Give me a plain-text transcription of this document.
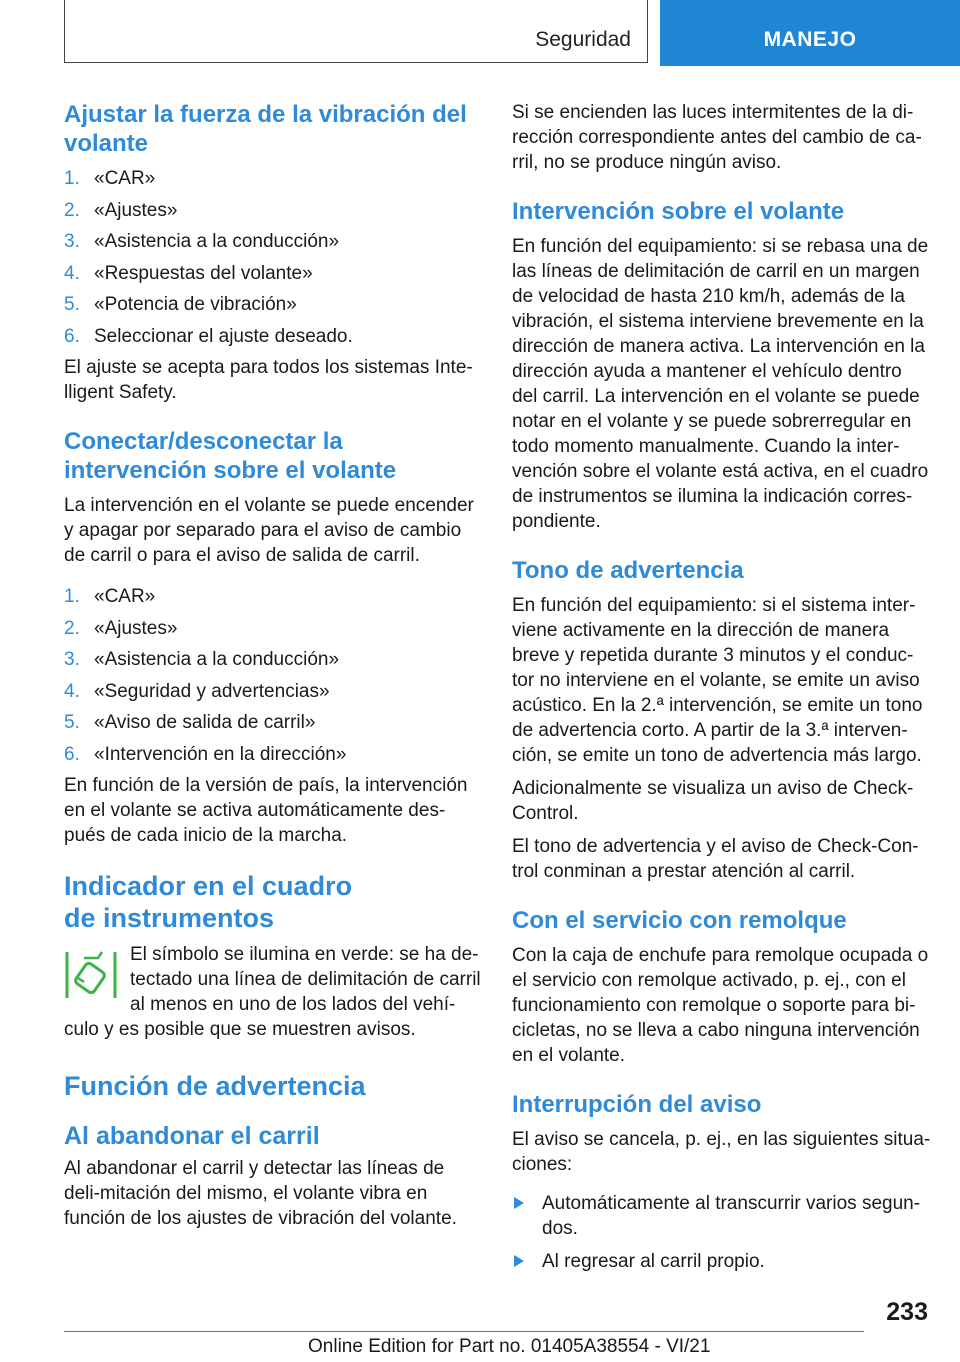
Seguridad	MANEJO
Ajustar la fuerza de la vibración del volante
1. «CAR»
2. «Ajustes»
3. «Asistencia a la conducción»
4. «Respuestas del volante»
5. «Potencia de vibración»
6. Seleccionar el ajuste deseado.

El ajuste se acepta para todos los sistemas Inte-lligent Safety.

Conectar/desconectar la intervención sobre el volante

La intervención en el volante se puede encender y apagar por separado para el aviso de cambio de carril o para el aviso de salida de carril.

1. «CAR»
2. «Ajustes»
3. «Asistencia a la conducción»
4. «Seguridad y advertencias»
5. «Aviso de salida de carril»
6. «Intervención en la dirección»

En función de la versión de país, la intervención en el volante se activa automáticamente des-pués de cada inicio de la marcha.

Indicador en el cuadro de instrumentos

El símbolo se ilumina en verde: se ha de-tectado una línea de delimitación de carril al menos en uno de los lados del vehí-culo y es posible que se muestren avisos.

Función de advertencia
Al abandonar el carril

Al abandonar el carril y detectar las líneas de deli-mitación del mismo, el volante vibra en función de los ajustes de vibración del volante.

Si se encienden las luces intermitentes de la di-rección correspondiente antes del cambio de ca-rril, no se produce ningún aviso.

Intervención sobre el volante

En función del equipamiento: si se rebasa una de las líneas de delimitación de carril en un margen de velocidad de hasta 210 km/h, además de la vibración, el sistema interviene brevemente en la dirección de manera activa. La intervención en la dirección ayuda a mantener el vehículo dentro del carril. La intervención en el volante se puede notar en el volante y se puede sobrerregular en todo momento manualmente. Cuando la inter-vención sobre el volante está activa, en el cuadro de instrumentos se ilumina la indicación corres-pondiente.

Tono de advertencia

En función del equipamiento: si el sistema inter-viene activamente en la dirección de manera breve y repetida durante 3 minutos y el conduc-tor no interviene en el volante, se emite un aviso acústico. En la 2.ª intervención, se emite un tono de advertencia corto. A partir de la 3.ª interven-ción, se emite un tono de advertencia más largo.

Adicionalmente se visualiza un aviso de Check-Control.

El tono de advertencia y el aviso de Check-Con-trol conminan a prestar atención al carril.

Con el servicio con remolque

Con la caja de enchufe para remolque ocupada o el servicio con remolque activado, p. ej., con el funcionamiento con remolque o soporte para bi-cicletas, no se lleva a cabo ninguna intervención en el volante.

Interrupción del aviso

El aviso se cancela, p. ej., en las siguientes situa-ciones:

Automáticamente al transcurrir varios segun-dos.
Al regresar al carril propio.
233
Online Edition for Part no. 01405A38554 - VI/21
